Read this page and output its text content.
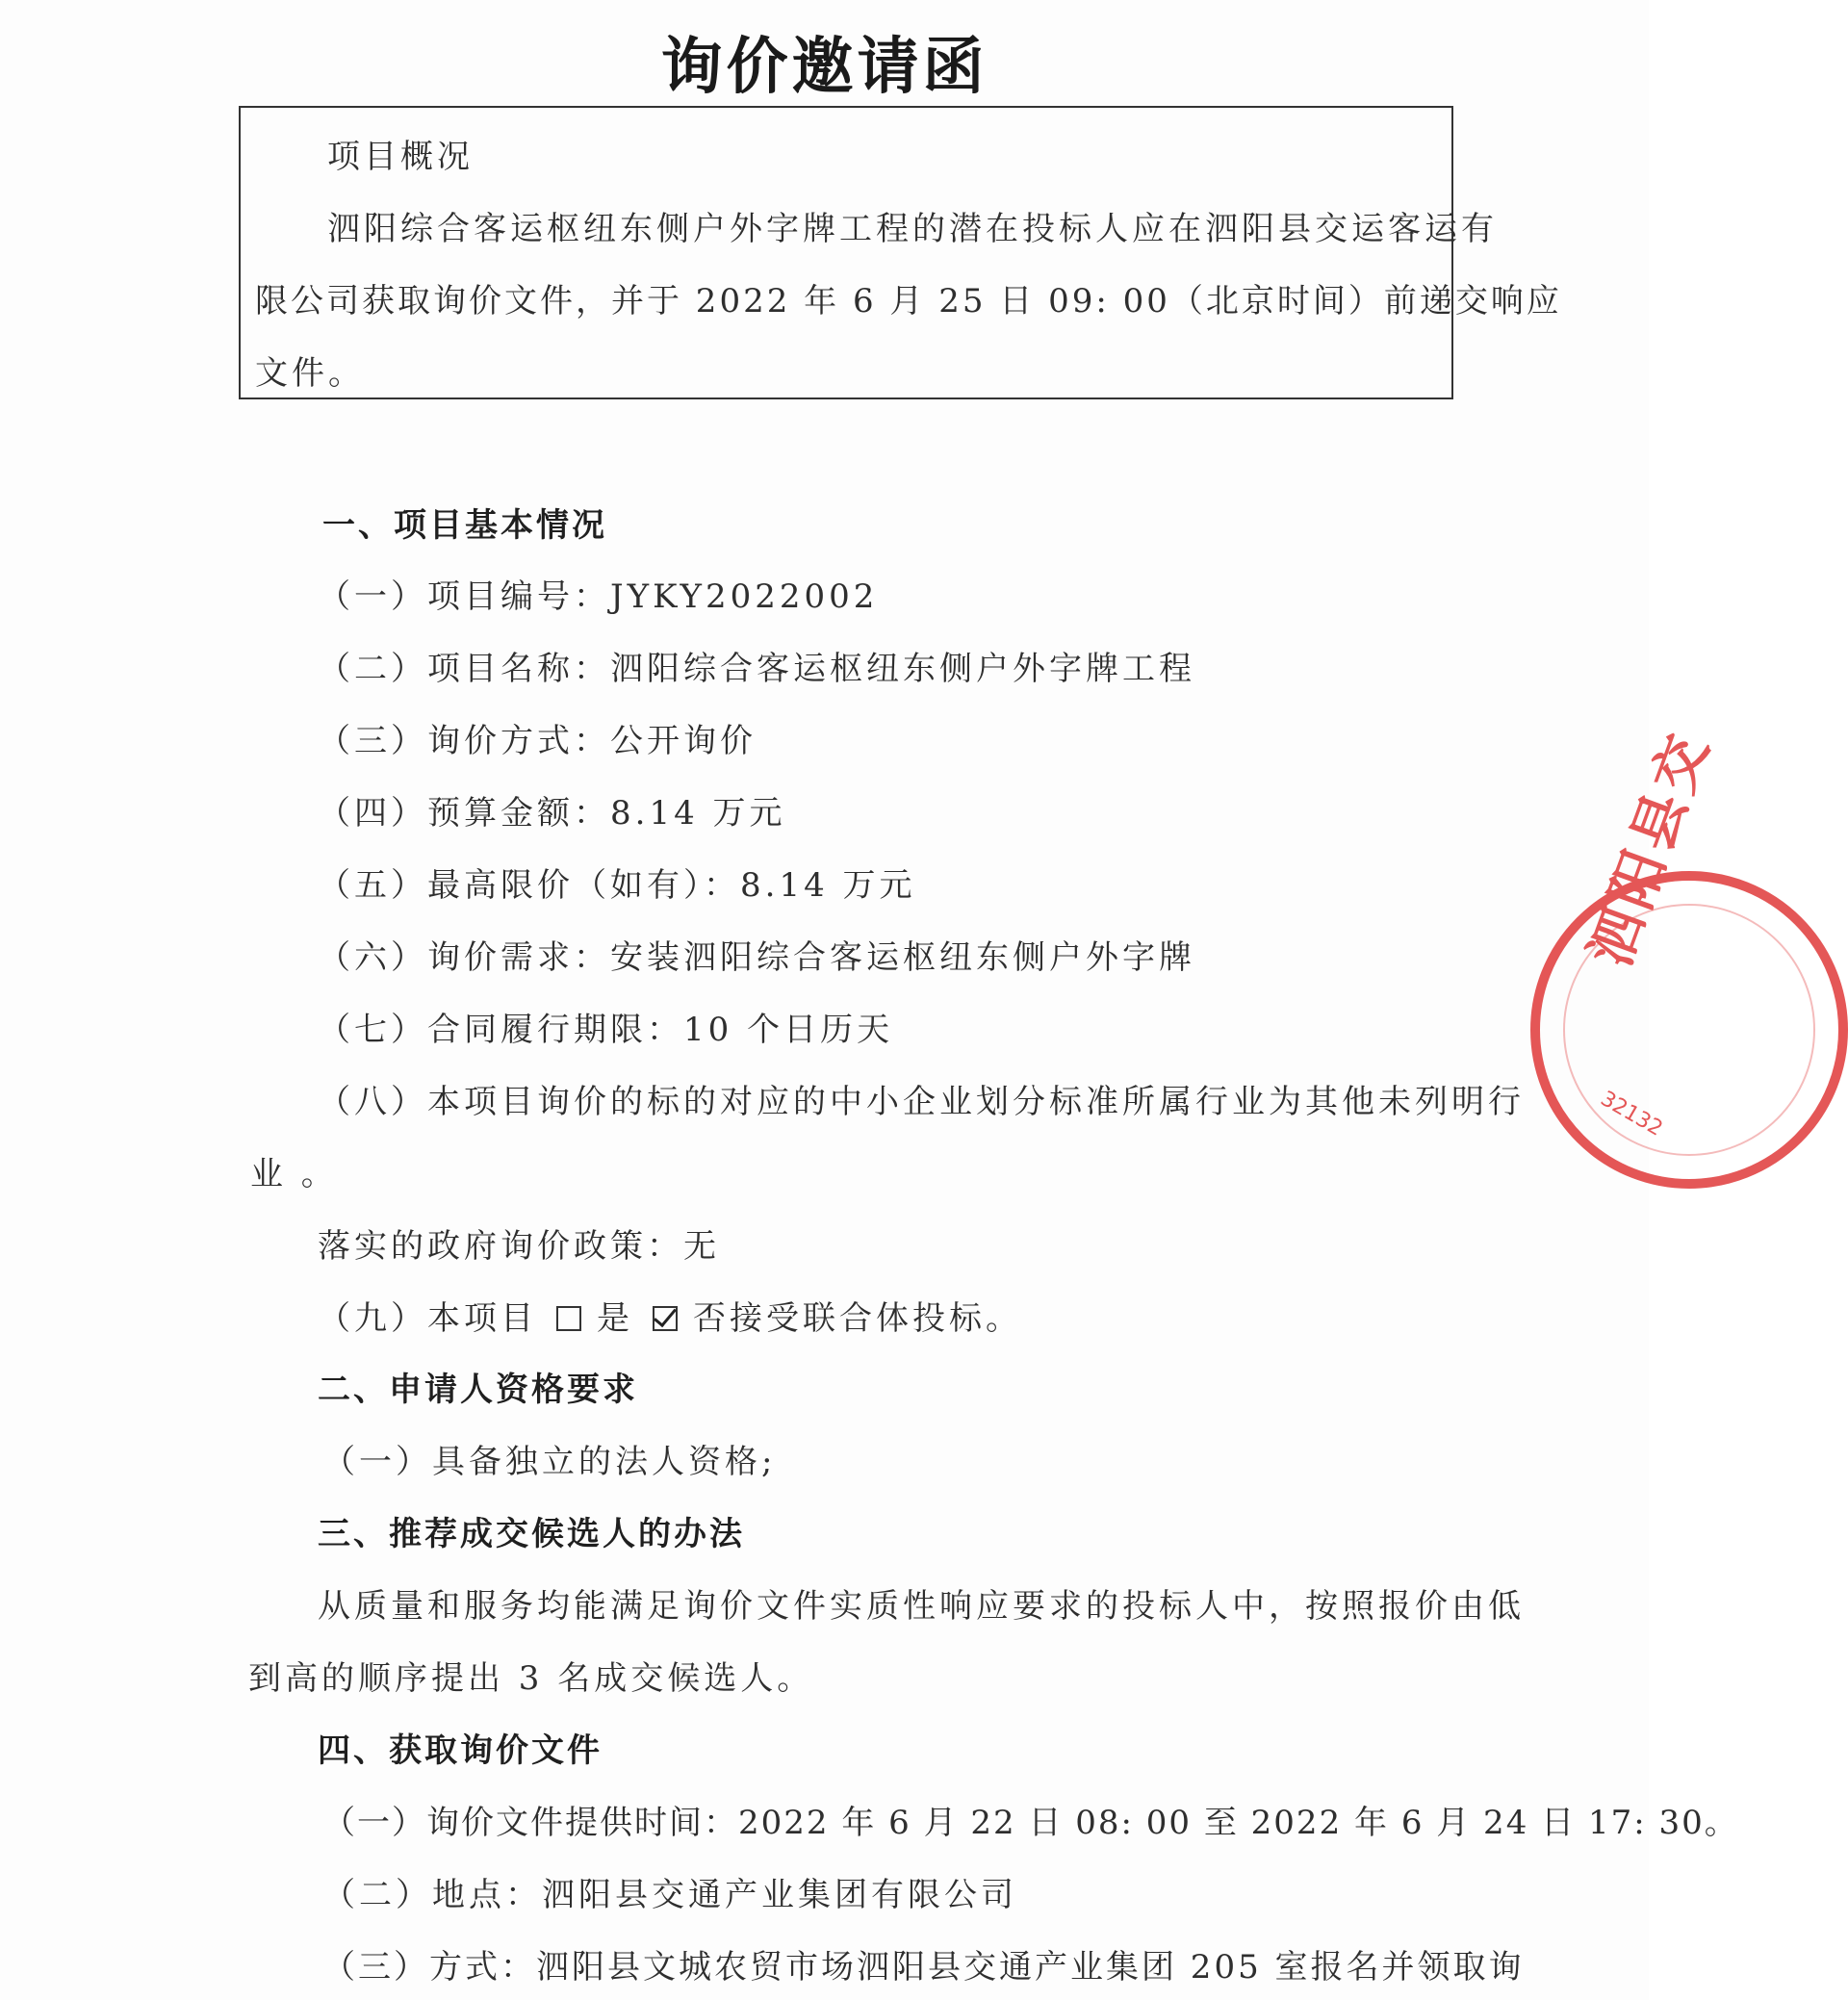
询价邀请函
项目概况
泗阳综合客运枢纽东侧户外字牌工程的潜在投标人应在泗阳县交运客运有
限公司获取询价文件，并于 2022 年 6 月 25 日 09: 00（北京时间）前递交响应
文件。
一、项目基本情况
（一）项目编号：JYKY2022002
（二）项目名称：泗阳综合客运枢纽东侧户外字牌工程
（三）询价方式：公开询价
（四）预算金额：8.14 万元
（五）最高限价（如有）：8.14 万元
（六）询价需求：安装泗阳综合客运枢纽东侧户外字牌
（七）合同履行期限：10 个日历天
（八）本项目询价的标的对应的中小企业划分标准所属行业为其他未列明行
业 。
落实的政府询价政策：无
（九）本项目 是 否接受联合体投标。
二、申请人资格要求
（一）具备独立的法人资格;
三、推荐成交候选人的办法
从质量和服务均能满足询价文件实质性响应要求的投标人中，按照报价由低
到高的顺序提出 3 名成交候选人。
四、获取询价文件
（一）询价文件提供时间：2022 年 6 月 22 日 08: 00 至 2022 年 6 月 24 日 17: 30。
（二）地点：泗阳县交通产业集团有限公司
（三）方式：泗阳县文城农贸市场泗阳县交通产业集团 205 室报名并领取询
泗阳县交
32132
